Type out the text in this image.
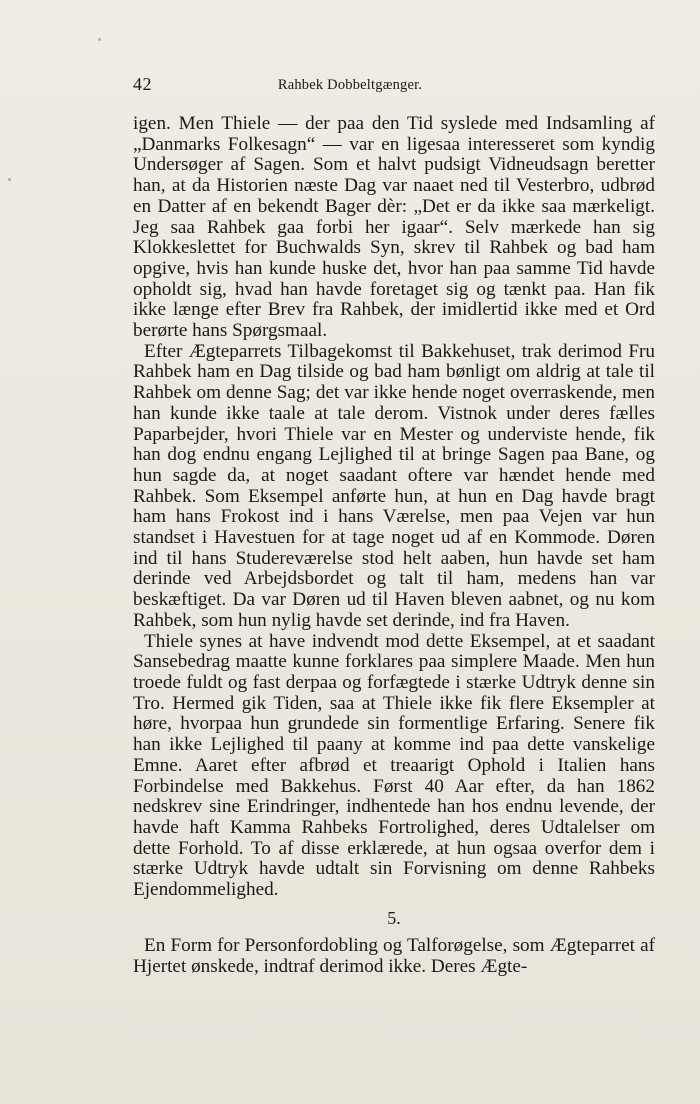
42	Rahbek Dobbeltgænger.

igen. Men Thiele — der paa den Tid syslede med Indsamling af „Danmarks Folkesagn“ — var en ligesaa interesseret som kyndig Undersøger af Sagen. Som et halvt pudsigt Vidneudsagn beretter han, at da Historien næste Dag var naaet ned til Vesterbro, udbrød en Datter af en bekendt Bager dèr: „Det er da ikke saa mærkeligt. Jeg saa Rahbek gaa forbi her igaar“. Selv mærkede han sig Klokkeslettet for Buchwalds Syn, skrev til Rahbek og bad ham opgive, hvis han kunde huske det, hvor han paa samme Tid havde opholdt sig, hvad han havde foretaget sig og tænkt paa. Han fik ikke længe efter Brev fra Rahbek, der imidlertid ikke med et Ord berørte hans Spørgsmaal.

Efter Ægteparrets Tilbagekomst til Bakkehuset, trak derimod Fru Rahbek ham en Dag tilside og bad ham bønligt om aldrig at tale til Rahbek om denne Sag; det var ikke hende noget overraskende, men han kunde ikke taale at tale derom. Vistnok under deres fælles Paparbejder, hvori Thiele var en Mester og underviste hende, fik han dog endnu engang Lejlighed til at bringe Sagen paa Bane, og hun sagde da, at noget saadant oftere var hændet hende med Rahbek. Som Eksempel anførte hun, at hun en Dag havde bragt ham hans Frokost ind i hans Værelse, men paa Vejen var hun standset i Havestuen for at tage noget ud af en Kommode. Døren ind til hans Studereværelse stod helt aaben, hun havde set ham derinde ved Arbejdsbordet og talt til ham, medens han var beskæftiget. Da var Døren ud til Haven bleven aabnet, og nu kom Rahbek, som hun nylig havde set derinde, ind fra Haven.

Thiele synes at have indvendt mod dette Eksempel, at et saadant Sansebedrag maatte kunne forklares paa simplere Maade. Men hun troede fuldt og fast derpaa og forfægtede i stærke Udtryk denne sin Tro. Hermed gik Tiden, saa at Thiele ikke fik flere Eksempler at høre, hvorpaa hun grundede sin formentlige Erfaring. Senere fik han ikke Lejlighed til paany at komme ind paa dette vanskelige Emne. Aaret efter afbrød et treaarigt Ophold i Italien hans Forbindelse med Bakkehus. Først 40 Aar efter, da han 1862 nedskrev sine Erindringer, indhentede han hos endnu levende, der havde haft Kamma Rahbeks Fortrolighed, deres Udtalelser om dette Forhold. To af disse erklærede, at hun ogsaa overfor dem i stærke Udtryk havde udtalt sin Forvisning om denne Rahbeks Ejendommelighed.

5.

En Form for Personfordobling og Talforøgelse, som Ægteparret af Hjertet ønskede, indtraf derimod ikke. Deres Ægte-
